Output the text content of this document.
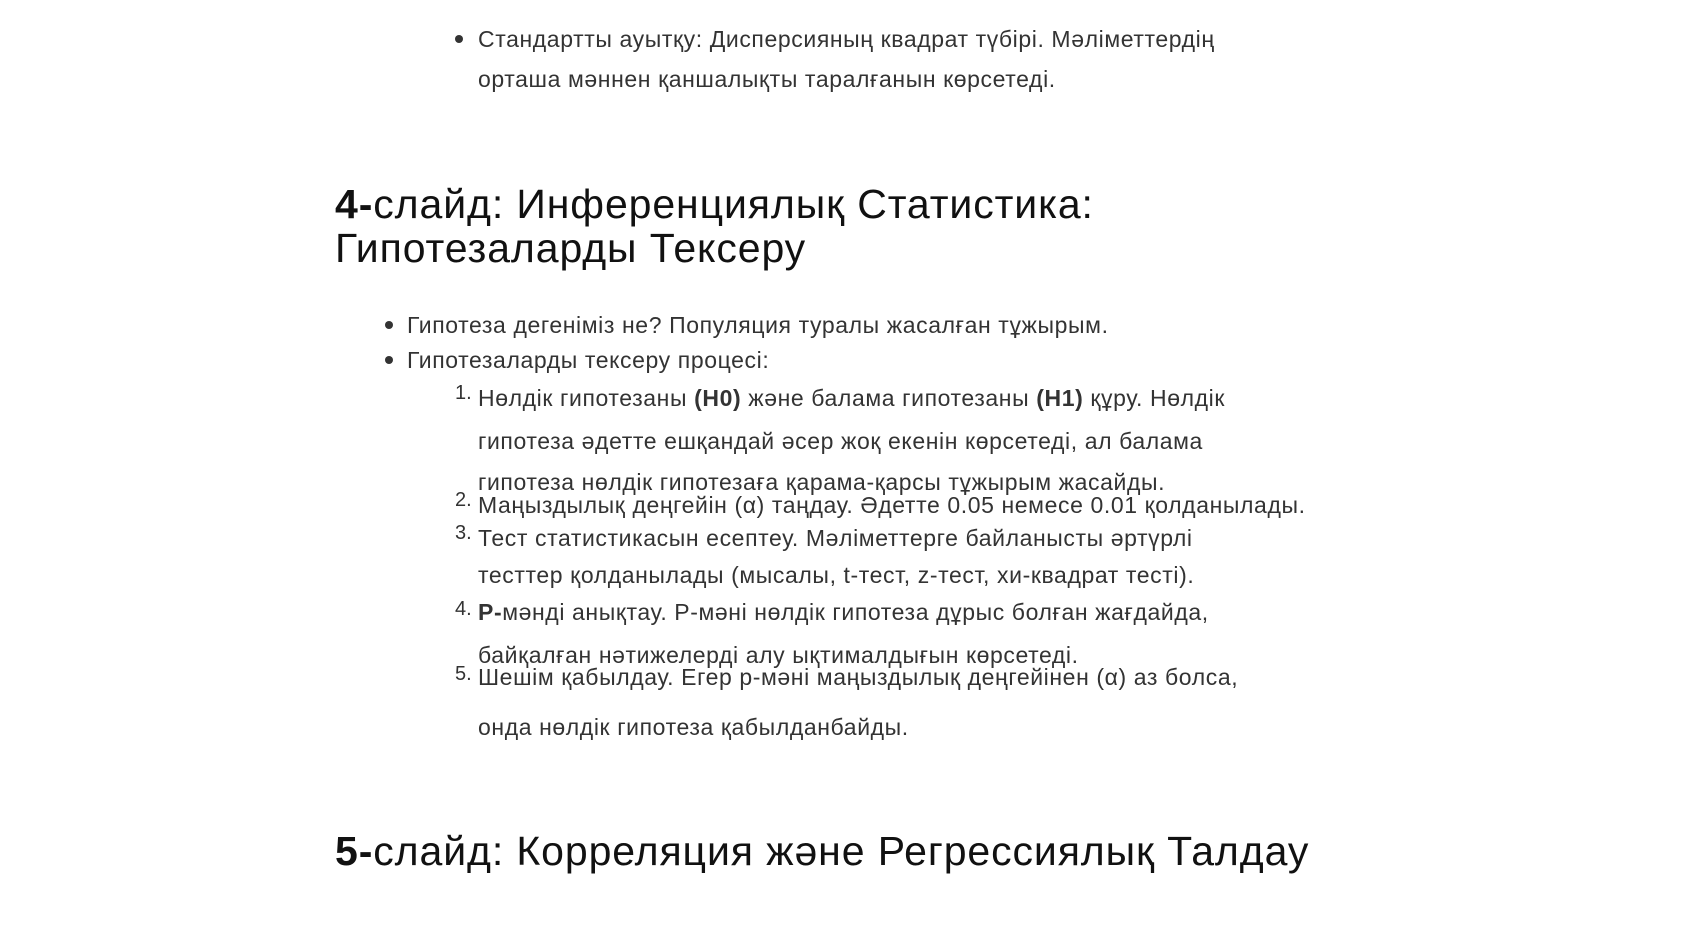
Стандартты ауытқу: Дисперсияның квадрат түбірі. Мәліметтердің
орташа мәннен қаншалықты таралғанын көрсетеді.
4-слайд: Инференциялық Статистика:
Гипотезаларды Тексеру
Гипотеза дегеніміз не? Популяция туралы жасалған тұжырым.
Гипотезаларды тексеру процесі:
1. Нөлдік гипотезаны (H0) және балама гипотезаны (H1) құру. Нөлдік
гипотеза әдетте ешқандай әсер жоқ екенін көрсетеді, ал балама
гипотеза нөлдік гипотезаға қарама-қарсы тұжырым жасайды.
2. Маңыздылық деңгейін (α) таңдау. Әдетте 0.05 немесе 0.01 қолданылады.
3. Тест статистикасын есептеу. Мәліметтерге байланысты әртүрлі
тесттер қолданылады (мысалы, t-тест, z-тест, хи-квадрат тесті).
4. P-мәнді анықтау. P-мәні нөлдік гипотеза дұрыс болған жағдайда,
байқалған нәтижелерді алу ықтималдығын көрсетеді.
5. Шешім қабылдау. Егер p-мәні маңыздылық деңгейінен (α) аз болса,
онда нөлдік гипотеза қабылданбайды.
5-слайд: Корреляция және Регрессиялық Талдау
